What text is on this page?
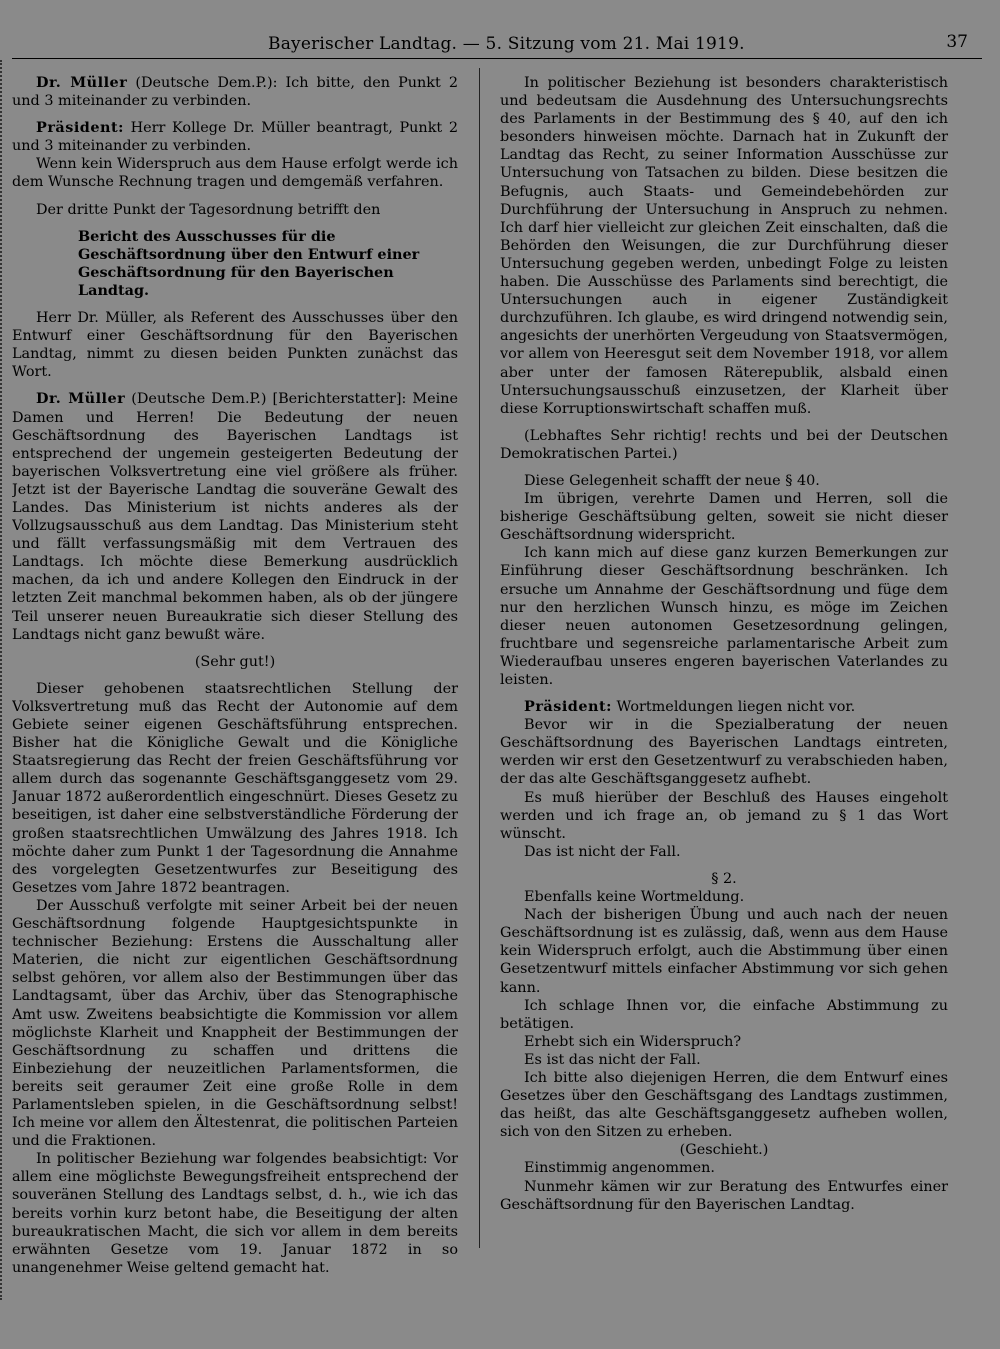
Bayerischer Landtag. — 5. Sitzung vom 21. Mai 1919.	37

Dr. Müller (Deutsche Dem.P.): Ich bitte, den Punkt 2 und 3 miteinander zu verbinden.

Präsident: Herr Kollege Dr. Müller beantragt, Punkt 2 und 3 miteinander zu verbinden.

Wenn kein Widerspruch aus dem Hause erfolgt werde ich dem Wunsche Rechnung tragen und demgemäß verfahren.

Der dritte Punkt der Tagesordnung betrifft den

Bericht des Ausschusses für die Geschäftsordnung über den Entwurf einer Geschäftsordnung für den Bayerischen Landtag.

Herr Dr. Müller, als Referent des Ausschusses über den Entwurf einer Geschäftsordnung für den Bayerischen Landtag, nimmt zu diesen beiden Punkten zunächst das Wort.

Dr. Müller (Deutsche Dem.P.) [Berichterstatter]: Meine Damen und Herren! Die Bedeutung der neuen Geschäftsordnung des Bayerischen Landtags ist entsprechend der ungemein gesteigerten Bedeutung der bayerischen Volksvertretung eine viel größere als früher. Jetzt ist der Bayerische Landtag die souveräne Gewalt des Landes. Das Ministerium ist nichts anderes als der Vollzugsausschuß aus dem Landtag. Das Ministerium steht und fällt verfassungsmäßig mit dem Vertrauen des Landtags. Ich möchte diese Bemerkung ausdrücklich machen, da ich und andere Kollegen den Eindruck in der letzten Zeit manchmal bekommen haben, als ob der jüngere Teil unserer neuen Bureaukratie sich dieser Stellung des Landtags nicht ganz bewußt wäre.

(Sehr gut!)

Dieser gehobenen staatsrechtlichen Stellung der Volksvertretung muß das Recht der Autonomie auf dem Gebiete seiner eigenen Geschäftsführung entsprechen. Bisher hat die Königliche Gewalt und die Königliche Staatsregierung das Recht der freien Geschäftsführung vor allem durch das sogenannte Geschäftsganggesetz vom 29. Januar 1872 außerordentlich eingeschnürt. Dieses Gesetz zu beseitigen, ist daher eine selbstverständliche Förderung der großen staatsrechtlichen Umwälzung des Jahres 1918. Ich möchte daher zum Punkt 1 der Tagesordnung die Annahme des vorgelegten Gesetzentwurfes zur Beseitigung des Gesetzes vom Jahre 1872 beantragen.

Der Ausschuß verfolgte mit seiner Arbeit bei der neuen Geschäftsordnung folgende Hauptgesichtspunkte in technischer Beziehung: Erstens die Ausschaltung aller Materien, die nicht zur eigentlichen Geschäftsordnung selbst gehören, vor allem also der Bestimmungen über das Landtagsamt, über das Archiv, über das Stenographische Amt usw. Zweitens beabsichtigte die Kommission vor allem möglichste Klarheit und Knappheit der Bestimmungen der Geschäftsordnung zu schaffen und drittens die Einbeziehung der neuzeitlichen Parlamentsformen, die bereits seit geraumer Zeit eine große Rolle in dem Parlamentsleben spielen, in die Geschäftsordnung selbst! Ich meine vor allem den Ältestenrat, die politischen Parteien und die Fraktionen.

In politischer Beziehung war folgendes beabsichtigt: Vor allem eine möglichste Bewegungsfreiheit entsprechend der souveränen Stellung des Landtags selbst, d. h., wie ich das bereits vorhin kurz betont habe, die Beseitigung der alten bureaukratischen Macht, die sich vor allem in dem bereits erwähnten Gesetze vom 19. Januar 1872 in so unangenehmer Weise geltend gemacht hat.

In politischer Beziehung ist besonders charakteristisch und bedeutsam die Ausdehnung des Untersuchungsrechts des Parlaments in der Bestimmung des § 40, auf den ich besonders hinweisen möchte. Darnach hat in Zukunft der Landtag das Recht, zu seiner Information Ausschüsse zur Untersuchung von Tatsachen zu bilden. Diese besitzen die Befugnis, auch Staats- und Gemeindebehörden zur Durchführung der Untersuchung in Anspruch zu nehmen. Ich darf hier vielleicht zur gleichen Zeit einschalten, daß die Behörden den Weisungen, die zur Durchführung dieser Untersuchung gegeben werden, unbedingt Folge zu leisten haben. Die Ausschüsse des Parlaments sind berechtigt, die Untersuchungen auch in eigener Zuständigkeit durchzuführen. Ich glaube, es wird dringend notwendig sein, angesichts der unerhörten Vergeudung von Staatsvermögen, vor allem von Heeresgut seit dem November 1918, vor allem aber unter der famosen Räterepublik, alsbald einen Untersuchungsausschuß einzusetzen, der Klarheit über diese Korruptionswirtschaft schaffen muß.

(Lebhaftes Sehr richtig! rechts und bei der Deutschen Demokratischen Partei.)

Diese Gelegenheit schafft der neue § 40.

Im übrigen, verehrte Damen und Herren, soll die bisherige Geschäftsübung gelten, soweit sie nicht dieser Geschäftsordnung widerspricht.

Ich kann mich auf diese ganz kurzen Bemerkungen zur Einführung dieser Geschäftsordnung beschränken. Ich ersuche um Annahme der Geschäftsordnung und füge dem nur den herzlichen Wunsch hinzu, es möge im Zeichen dieser neuen autonomen Gesetzesordnung gelingen, fruchtbare und segensreiche parlamentarische Arbeit zum Wiederaufbau unseres engeren bayerischen Vaterlandes zu leisten.

Präsident: Wortmeldungen liegen nicht vor.

Bevor wir in die Spezialberatung der neuen Geschäftsordnung des Bayerischen Landtags eintreten, werden wir erst den Gesetzentwurf zu verabschieden haben, der das alte Geschäftsganggesetz aufhebt.

Es muß hierüber der Beschluß des Hauses eingeholt werden und ich frage an, ob jemand zu § 1 das Wort wünscht.

Das ist nicht der Fall.

§ 2.

Ebenfalls keine Wortmeldung.

Nach der bisherigen Übung und auch nach der neuen Geschäftsordnung ist es zulässig, daß, wenn aus dem Hause kein Widerspruch erfolgt, auch die Abstimmung über einen Gesetzentwurf mittels einfacher Abstimmung vor sich gehen kann.

Ich schlage Ihnen vor, die einfache Abstimmung zu betätigen.

Erhebt sich ein Widerspruch?

Es ist das nicht der Fall.

Ich bitte also diejenigen Herren, die dem Entwurf eines Gesetzes über den Geschäftsgang des Landtags zustimmen, das heißt, das alte Geschäftsganggesetz aufheben wollen, sich von den Sitzen zu erheben.

(Geschieht.)

Einstimmig angenommen.

Nunmehr kämen wir zur Beratung des Entwurfes einer Geschäftsordnung für den Bayerischen Landtag.
